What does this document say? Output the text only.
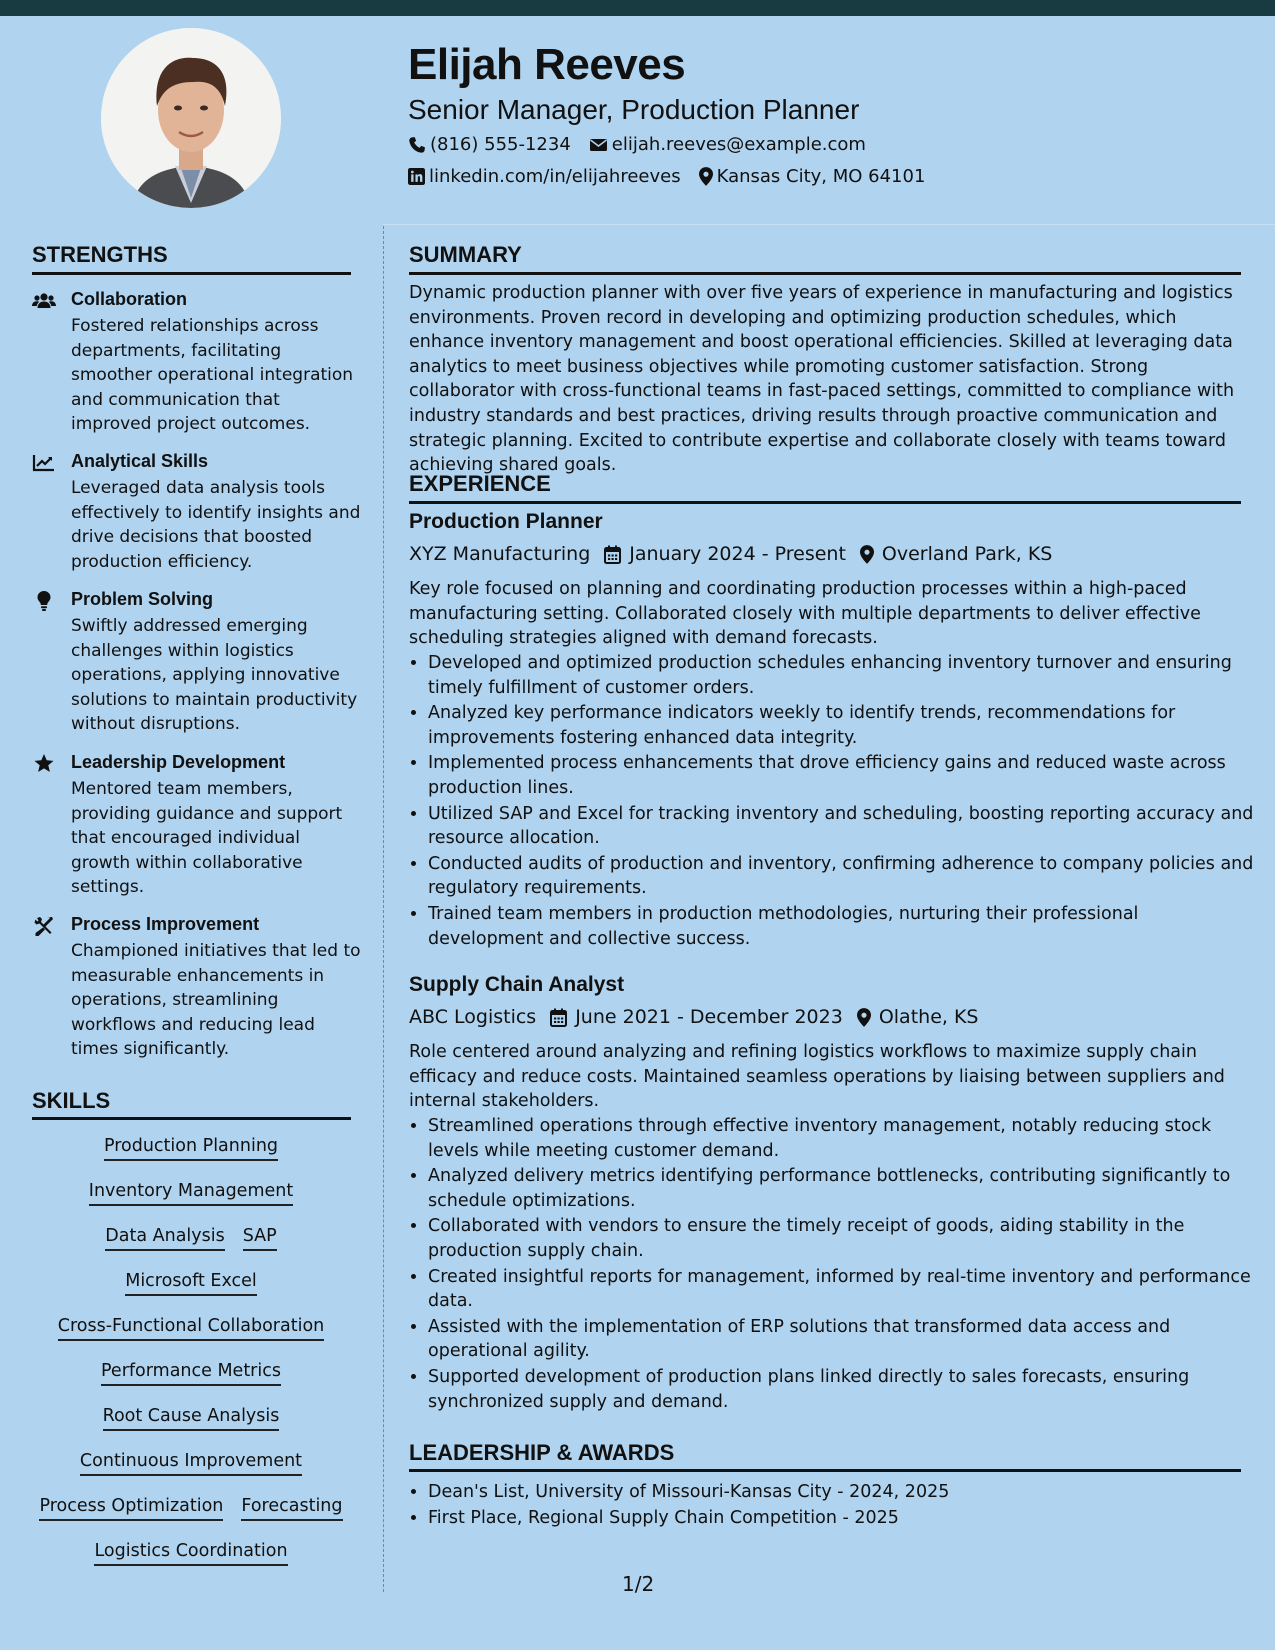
Elijah Reeves
Senior Manager, Production Planner
(816) 555-1234 elijah.reeves@example.com
linkedin.com/in/elijahreeves Kansas City, MO 64101
STRENGTHS
Collaboration
Fostered relationships across departments, facilitating smoother operational integration and communication that improved project outcomes.
Analytical Skills
Leveraged data analysis tools effectively to identify insights and drive decisions that boosted production efficiency.
Problem Solving
Swiftly addressed emerging challenges within logistics operations, applying innovative solutions to maintain productivity without disruptions.
Leadership Development
Mentored team members, providing guidance and support that encouraged individual growth within collaborative settings.
Process Improvement
Championed initiatives that led to measurable enhancements in operations, streamlining workflows and reducing lead times significantly.
SKILLS
Production Planning
Inventory Management
Data Analysis SAP
Microsoft Excel
Cross-Functional Collaboration
Performance Metrics
Root Cause Analysis
Continuous Improvement
Process Optimization Forecasting
Logistics Coordination
SUMMARY
Dynamic production planner with over five years of experience in manufacturing and logistics environments. Proven record in developing and optimizing production schedules, which enhance inventory management and boost operational efficiencies. Skilled at leveraging data analytics to meet business objectives while promoting customer satisfaction. Strong collaborator with cross-functional teams in fast-paced settings, committed to compliance with industry standards and best practices, driving results through proactive communication and strategic planning. Excited to contribute expertise and collaborate closely with teams toward achieving shared goals.
EXPERIENCE
Production Planner
XYZ Manufacturing January 2024 - Present Overland Park, KS
Key role focused on planning and coordinating production processes within a high-paced manufacturing setting. Collaborated closely with multiple departments to deliver effective scheduling strategies aligned with demand forecasts.
• Developed and optimized production schedules enhancing inventory turnover and ensuring timely fulfillment of customer orders.
• Analyzed key performance indicators weekly to identify trends, recommendations for improvements fostering enhanced data integrity.
• Implemented process enhancements that drove efficiency gains and reduced waste across production lines.
• Utilized SAP and Excel for tracking inventory and scheduling, boosting reporting accuracy and resource allocation.
• Conducted audits of production and inventory, confirming adherence to company policies and regulatory requirements.
• Trained team members in production methodologies, nurturing their professional development and collective success.
Supply Chain Analyst
ABC Logistics June 2021 - December 2023 Olathe, KS
Role centered around analyzing and refining logistics workflows to maximize supply chain efficacy and reduce costs. Maintained seamless operations by liaising between suppliers and internal stakeholders.
• Streamlined operations through effective inventory management, notably reducing stock levels while meeting customer demand.
• Analyzed delivery metrics identifying performance bottlenecks, contributing significantly to schedule optimizations.
• Collaborated with vendors to ensure the timely receipt of goods, aiding stability in the production supply chain.
• Created insightful reports for management, informed by real-time inventory and performance data.
• Assisted with the implementation of ERP solutions that transformed data access and operational agility.
• Supported development of production plans linked directly to sales forecasts, ensuring synchronized supply and demand.
LEADERSHIP & AWARDS
• Dean's List, University of Missouri-Kansas City - 2024, 2025
• First Place, Regional Supply Chain Competition - 2025
1/2
